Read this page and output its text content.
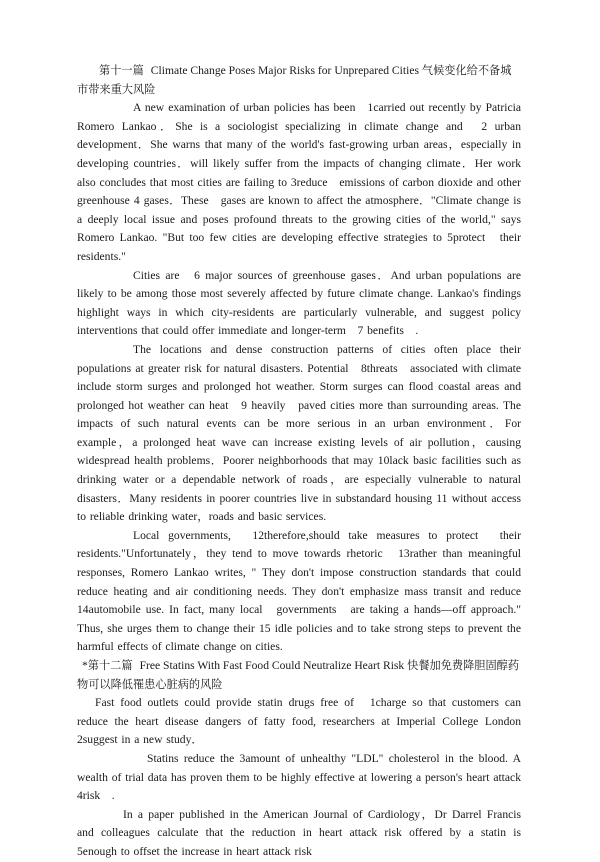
第十一篇 Climate Change Poses Major Risks for Unprepared Cities 气候变化给不备城市带来重大风险

A new examination of urban policies has been　1carried out recently by Patricia Romero Lankao．She is a sociologist specializing in climate change and　2 urban development．She warns that many of the world's fast-growing urban areas，especially in developing countries．will likely suffer from the impacts of changing climate．Her work also concludes that most cities are failing to 3reduce　emissions of carbon dioxide and other greenhouse 4 gases．These　gases are known to affect the atmosphere．"Climate change is a deeply local issue and poses profound threats to the growing cities of the world," says Romero Lankao. "But too few cities are developing effective strategies to 5protect　their residents."

Cities are　6 major sources of greenhouse gases．And urban populations are likely to be among those most severely affected by future climate change. Lankao's findings　highlight ways in which city-residents are particularly vulnerable, and suggest policy interventions that could offer immediate and longer-term　7 benefits　.

The locations and dense construction patterns of cities often place their populations at greater risk for natural disasters. Potential　8threats　associated with climate include storm surges and prolonged hot weather. Storm surges can flood coastal areas and prolonged hot weather can heat　9 heavily　paved cities more than surrounding areas. The impacts of such natural events can be more serious in an urban environment．For example，a prolonged heat wave can increase existing levels of air pollution，causing　widespread health problems．Poorer neighborhoods that may 10lack basic facilities such as drinking water or a dependable network of roads，are especially vulnerable to natural disasters．Many residents in poorer countries live in substandard housing 11 without access to reliable drinking water，roads and basic services.

Local governments,　12therefore,should take measures to protect　their residents."Unfortunately，they tend to move towards rhetoric　13rather than meaningful responses, Romero Lankao writes, " They don't impose construction standards that could reduce heating and air conditioning needs. They don't emphasize mass transit and reduce　14automobile use. In fact, many local　governments　are taking a hands—off approach." Thus, she urges them to change their 15 idle policies and to take strong steps to prevent the harmful effects of climate change on cities.

*第十二篇 Free Statins With Fast Food Could Neutralize Heart Risk 快餐加免费降胆固醇药物可以降低罹患心脏病的风险

Fast food outlets could provide statin drugs free of　1charge so that customers can reduce the heart disease dangers of fatty food, researchers at Imperial College London　2suggest in a new study．

Statins reduce the 3amount of unhealthy "LDL" cholesterol in the blood. A wealth of trial data has proven them to be highly effective at lowering a person's heart attack 4risk　.

In a paper published in the American Journal of Cardiology，Dr Darrel Francis and colleagues calculate that the reduction in heart attack risk offered by a statin is　5enough to offset the increase in heart attack risk
